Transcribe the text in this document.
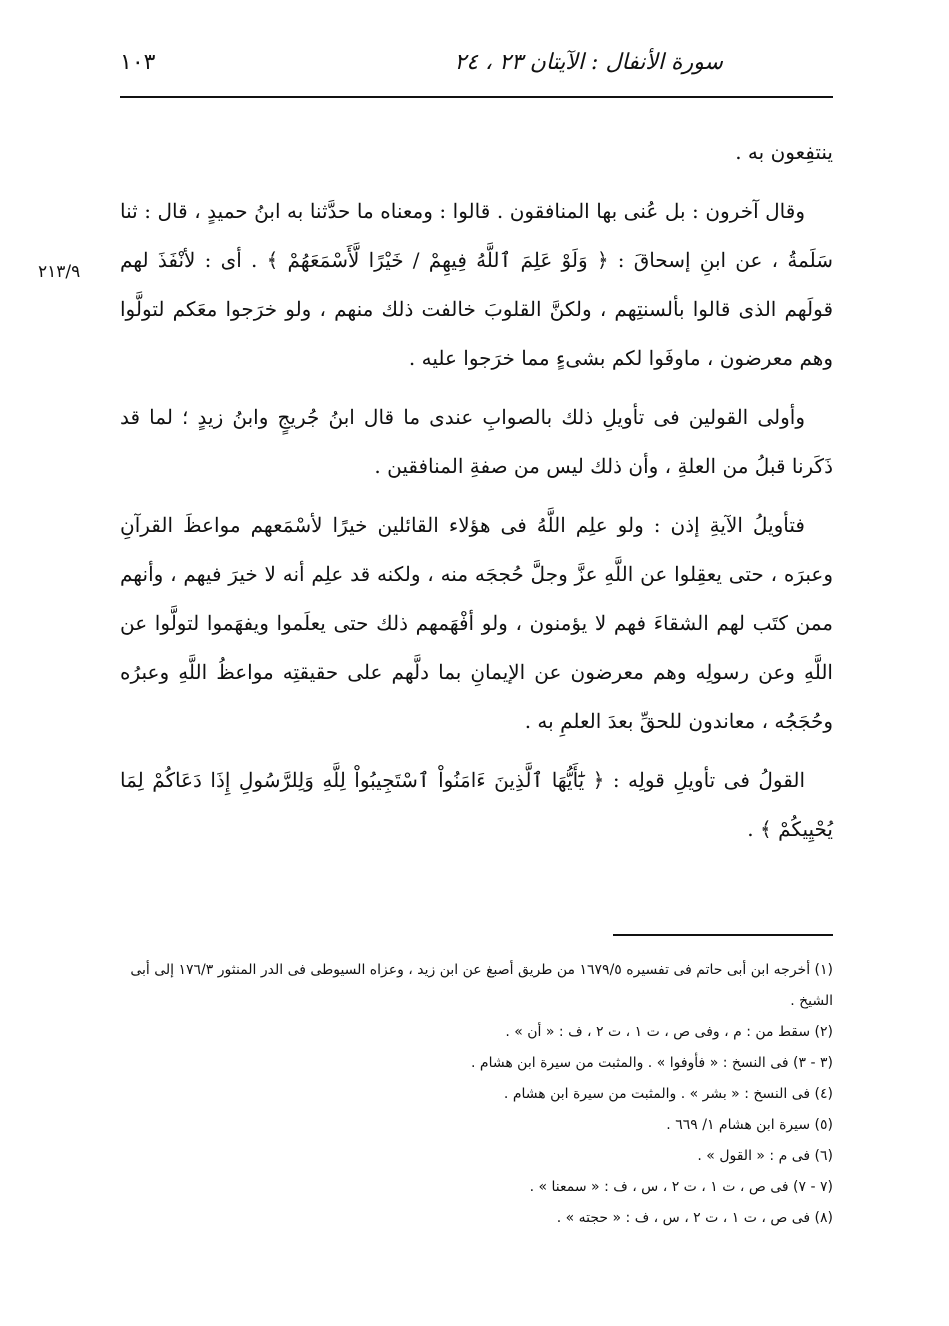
سورة الأنفال : الآيتان ٢٣ ، ٢٤
١٠٣
٢١٣/٩

ينتفِعون به .

وقال آخرون : بل عُنى بها المنافقون . قالوا : ومعناه ما حدَّثنا به ابنُ حميدٍ ، قال : ثنا سَلَمةُ ، عن ابنِ إسحاقَ : ﴿ وَلَوْ عَلِمَ ٱللَّهُ فِيهِمْ / خَيْرًا لَّأَسْمَعَهُمْ ﴾ . أى : لأنْفَذَ لهم قولَهم الذى قالوا بألسنتِهم ، ولكنَّ القلوبَ خالفت ذلك منهم ، ولو خرَجوا معَكم لتولَّوا وهم معرضون ، ماوفَوا لكم بشىءٍ مما خرَجوا عليه .

وأولى القولين فى تأويلِ ذلك بالصوابِ عندى ما قال ابنُ جُريجٍ وابنُ زيدٍ ؛ لما قد ذَكَرنا قبلُ من العلةِ ، وأن ذلك ليس من صفةِ المنافقين .

فتأويلُ الآيةِ إذن : ولو علِم اللَّهُ فى هؤلاء القائلين خيرًا لأسْمَعهم مواعظَ القرآنِ وعبرَه ، حتى يعقِلوا عن اللَّهِ عزَّ وجلَّ حُججَه منه ، ولكنه قد علِم أنه لا خيرَ فيهم ، وأنهم ممن كتَب لهم الشقاءَ فهم لا يؤمنون ، ولو أفْهَمهم ذلك حتى يعلَموا ويفهَموا لتولَّوا عن اللَّهِ وعن رسولِه وهم معرضون عن الإيمانِ بما دلَّهم على حقيقتِه مواعظُ اللَّهِ وعبرُه وحُجَجُه ، معاندون للحقِّ بعدَ العلمِ به .

القولُ فى تأويلِ قولِه : ﴿ يَٰٓأَيُّهَا ٱلَّذِينَ ءَامَنُواْ ٱسْتَجِيبُواْ لِلَّهِ وَلِلرَّسُولِ إِذَا دَعَاكُمْ لِمَا يُحْيِيكُمْ ﴾ .

(١) أخرجه ابن أبى حاتم فى تفسيره ١٦٧٩/٥ من طريق أصبغ عن ابن زيد ، وعزاه السيوطى فى الدر المنثور ١٧٦/٣ إلى أبى الشيخ .

(٢) سقط من : م ، وفى ص ، ت ١ ، ت ٢ ، ف : « أن » .

(٣ - ٣) فى النسخ : « فأوفوا » . والمثبت من سيرة ابن هشام .

(٤) فى النسخ : « بشر » . والمثبت من سيرة ابن هشام .

(٥) سيرة ابن هشام ١/ ٦٦٩ .

(٦) فى م : « القول » .

(٧ - ٧) فى ص ، ت ١ ، ت ٢ ، س ، ف : « سمعنا » .

(٨) فى ص ، ت ١ ، ت ٢ ، س ، ف : « حجته » .
